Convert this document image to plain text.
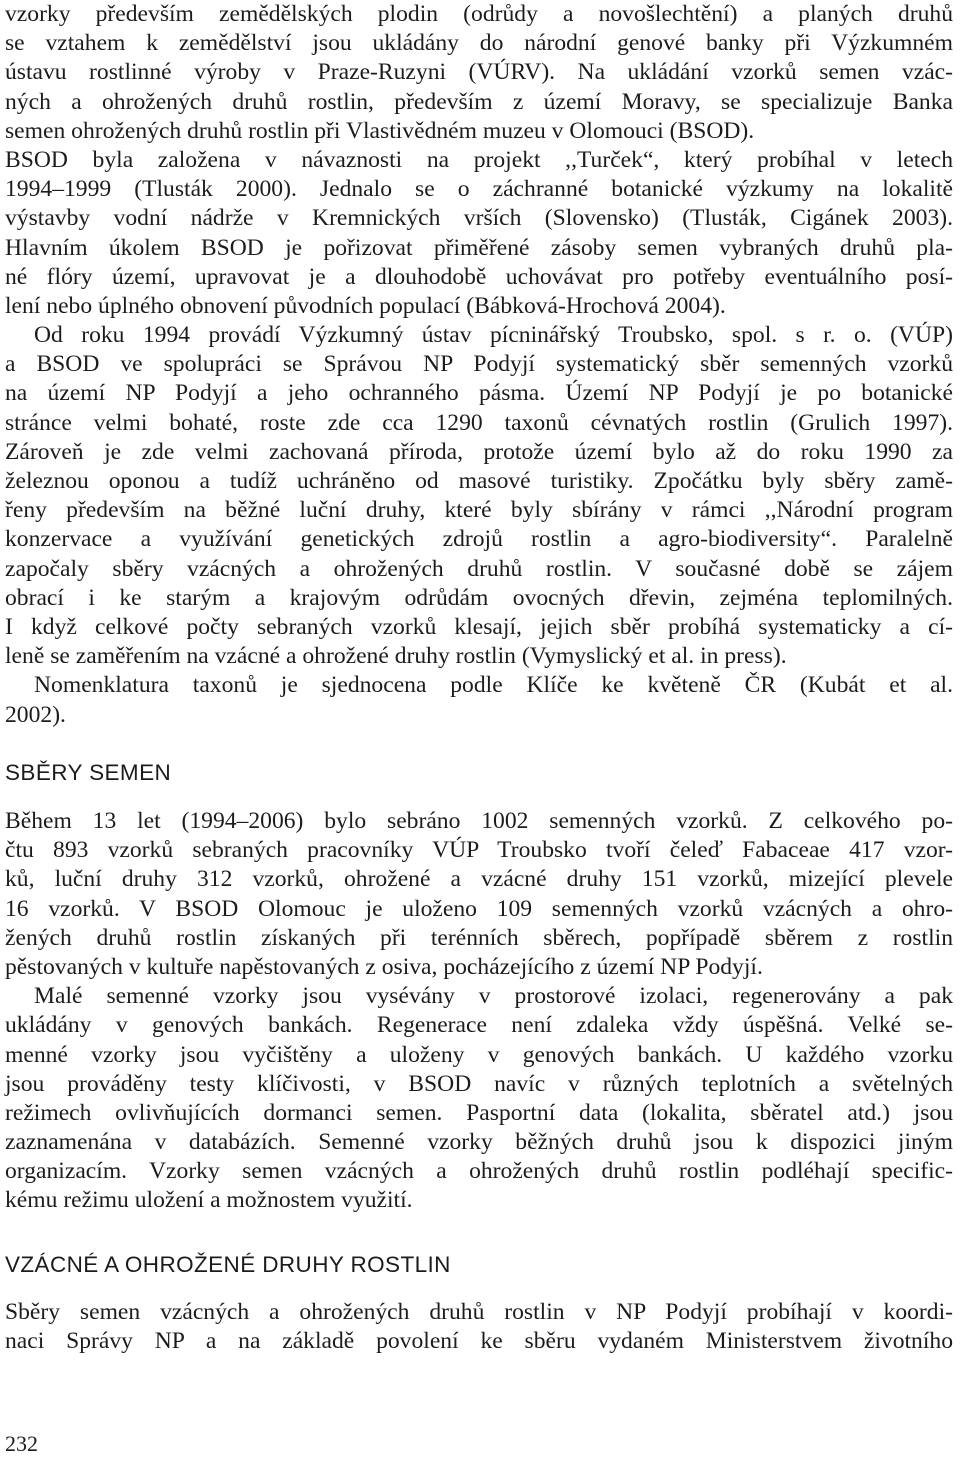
vzorky především zemědělských plodin (odrůdy a novošlechtění) a planých druhů
se vztahem k zemědělství jsou ukládány do národní genové banky při Výzkumném
ústavu rostlinné výroby v Praze-Ruzyni (VÚRV). Na ukládání vzorků semen vzác-
ných a ohrožených druhů rostlin, především z území Moravy, se specializuje Banka
semen ohrožených druhů rostlin při Vlastivědném muzeu v Olomouci (BSOD).
BSOD byla založena v návaznosti na projekt ,,Turček“, který probíhal v letech
1994–1999 (Tlusták 2000). Jednalo se o záchranné botanické výzkumy na lokalitě
výstavby vodní nádrže v Kremnických vrších (Slovensko) (Tlusták, Cigánek 2003).
Hlavním úkolem BSOD je pořizovat přiměřené zásoby semen vybraných druhů pla-
né flóry území, upravovat je a dlouhodobě uchovávat pro potřeby eventuálního posí-
lení nebo úplného obnovení původních populací (Bábková-Hrochová 2004).
Od roku 1994 provádí Výzkumný ústav pícninářský Troubsko, spol. s r. o. (VÚP)
a BSOD ve spolupráci se Správou NP Podyjí systematický sběr semenných vzorků
na území NP Podyjí a jeho ochranného pásma. Území NP Podyjí je po botanické
stránce velmi bohaté, roste zde cca 1290 taxonů cévnatých rostlin (Grulich 1997).
Zároveň je zde velmi zachovaná příroda, protože území bylo až do roku 1990 za
železnou oponou a tudíž uchráněno od masové turistiky. Zpočátku byly sběry zamě-
řeny především na běžné luční druhy, které byly sbírány v rámci ,,Národní program
konzervace a využívání genetických zdrojů rostlin a agro-biodiversity“. Paralelně
započaly sběry vzácných a ohrožených druhů rostlin. V současné době se zájem
obrací i ke starým a krajovým odrůdám ovocných dřevin, zejména teplomilných.
I když celkové počty sebraných vzorků klesají, jejich sběr probíhá systematicky a cí-
leně se zaměřením na vzácné a ohrožené druhy rostlin (Vymyslický et al. in press).
Nomenklatura taxonů je sjednocena podle Klíče ke květeně ČR (Kubát et al.
2002).
SBĚRY SEMEN
Během 13 let (1994–2006) bylo sebráno 1002 semenných vzorků. Z celkového po-
čtu 893 vzorků sebraných pracovníky VÚP Troubsko tvoří čeleď Fabaceae 417 vzor-
ků, luční druhy 312 vzorků, ohrožené a vzácné druhy 151 vzorků, mizející plevele
16 vzorků. V BSOD Olomouc je uloženo 109 semenných vzorků vzácných a ohro-
žených druhů rostlin získaných při terénních sběrech, popřípadě sběrem z rostlin
pěstovaných v kultuře napěstovaných z osiva, pocházejícího z území NP Podyjí.
Malé semenné vzorky jsou vysévány v prostorové izolaci, regenerovány a pak
ukládány v genových bankách. Regenerace není zdaleka vždy úspěšná. Velké se-
menné vzorky jsou vyčištěny a uloženy v genových bankách. U každého vzorku
jsou prováděny testy klíčivosti, v BSOD navíc v různých teplotních a světelných
režimech ovlivňujících dormanci semen. Pasportní data (lokalita, sběratel atd.) jsou
zaznamenána v databázích. Semenné vzorky běžných druhů jsou k dispozici jiným
organizacím. Vzorky semen vzácných a ohrožených druhů rostlin podléhají specific-
kému režimu uložení a možnostem využití.
VZÁCNÉ A OHROŽENÉ DRUHY ROSTLIN
Sběry semen vzácných a ohrožených druhů rostlin v NP Podyjí probíhají v koordi-
naci Správy NP a na základě povolení ke sběru vydaném Ministerstvem životního
232
